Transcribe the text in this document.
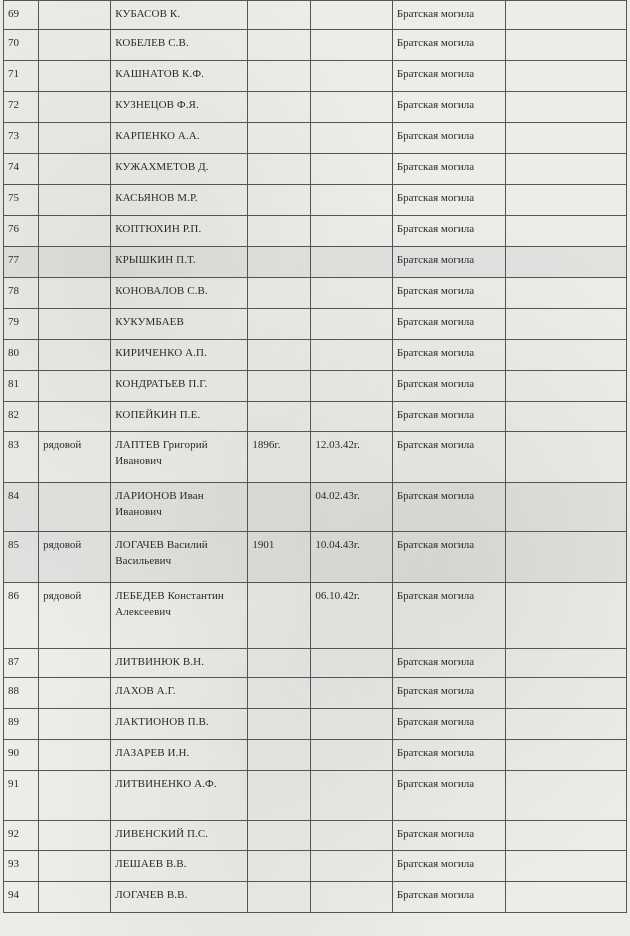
69		КУБАСОВ К.			Братская могила	
70		КОБЕЛЕВ С.В.			Братская могила	
71		КАШНАТОВ К.Ф.			Братская могила	
72		КУЗНЕЦОВ Ф.Я.			Братская могила	
73		КАРПЕНКО А.А.			Братская могила	
74		КУЖАХМЕТОВ Д.			Братская могила	
75		КАСЬЯНОВ М.Р.			Братская могила	
76		КОПТЮХИН Р.П.			Братская могила	
77		КРЫШКИН П.Т.			Братская могила	
78		КОНОВАЛОВ С.В.			Братская могила	
79		КУКУМБАЕВ			Братская могила	
80		КИРИЧЕНКО А.П.			Братская могила	
81		КОНДРАТЬЕВ П.Г.			Братская могила	
82		КОПЕЙКИН П.Е.			Братская могила	
83	рядовой	ЛАПТЕВ Григорий Иванович	1896г.	12.03.42г.	Братская могила	
84		ЛАРИОНОВ Иван Иванович		04.02.43г.	Братская могила	
85	рядовой	ЛОГАЧЕВ Василий Васильевич	1901	10.04.43г.	Братская могила	
86	рядовой	ЛЕБЕДЕВ Константин Алексеевич		06.10.42г.	Братская могила	
87		ЛИТВИНЮК В.Н.			Братская могила	
88		ЛАХОВ А.Г.			Братская могила	
89		ЛАКТИОНОВ П.В.			Братская могила	
90		ЛАЗАРЕВ И.Н.			Братская могила	
91		ЛИТВИНЕНКО А.Ф.			Братская могила	
92		ЛИВЕНСКИЙ П.С.			Братская могила	
93		ЛЕШАЕВ В.В.			Братская могила	
94		ЛОГАЧЕВ В.В.			Братская могила	
